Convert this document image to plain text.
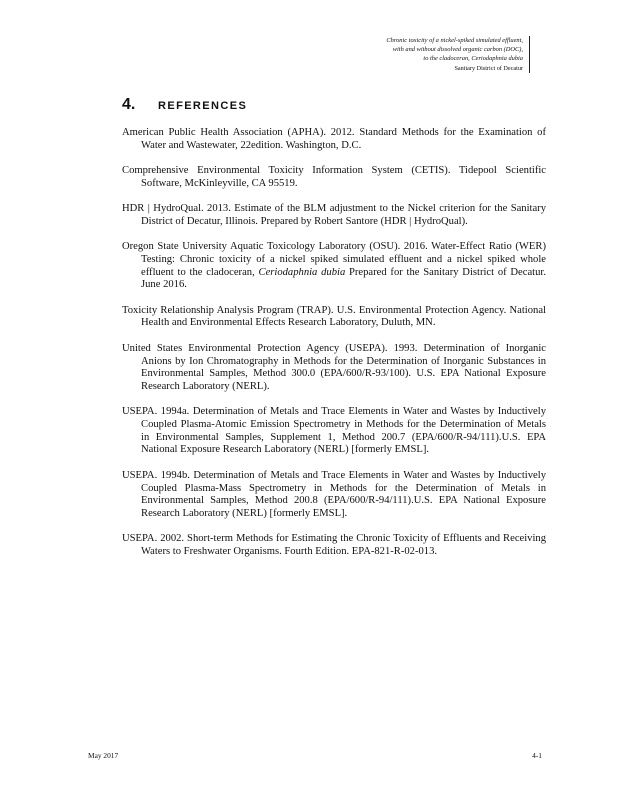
Chronic toxicity of a nickel-spiked simulated effluent,
with and without dissolved organic carbon (DOC),
to the cladoceran, Ceriodaphnia dubia
Sanitary District of Decatur
4. REFERENCES

American Public Health Association (APHA). 2012. Standard Methods for the Examination of Water and Wastewater, 22edition. Washington, D.C.

Comprehensive Environmental Toxicity Information System (CETIS). Tidepool Scientific Software, McKinleyville, CA 95519.

HDR | HydroQual. 2013. Estimate of the BLM adjustment to the Nickel criterion for the Sanitary District of Decatur, Illinois. Prepared by Robert Santore (HDR | HydroQual).

Oregon State University Aquatic Toxicology Laboratory (OSU). 2016. Water-Effect Ratio (WER) Testing: Chronic toxicity of a nickel spiked simulated effluent and a nickel spiked whole effluent to the cladoceran, Ceriodaphnia dubia Prepared for the Sanitary District of Decatur. June 2016.

Toxicity Relationship Analysis Program (TRAP). U.S. Environmental Protection Agency. National Health and Environmental Effects Research Laboratory, Duluth, MN.

United States Environmental Protection Agency (USEPA). 1993. Determination of Inorganic Anions by Ion Chromatography in Methods for the Determination of Inorganic Substances in Environmental Samples, Method 300.0 (EPA/600/R-93/100). U.S. EPA National Exposure Research Laboratory (NERL).

USEPA. 1994a. Determination of Metals and Trace Elements in Water and Wastes by Inductively Coupled Plasma-Atomic Emission Spectrometry in Methods for the Determination of Metals in Environmental Samples, Supplement 1, Method 200.7 (EPA/600/R-94/111).U.S. EPA National Exposure Research Laboratory (NERL) [formerly EMSL].

USEPA. 1994b. Determination of Metals and Trace Elements in Water and Wastes by Inductively Coupled Plasma-Mass Spectrometry in Methods for the Determination of Metals in Environmental Samples, Method 200.8 (EPA/600/R-94/111).U.S. EPA National Exposure Research Laboratory (NERL) [formerly EMSL].

USEPA. 2002. Short-term Methods for Estimating the Chronic Toxicity of Effluents and Receiving Waters to Freshwater Organisms. Fourth Edition. EPA-821-R-02-013.

May 2017	4-1
